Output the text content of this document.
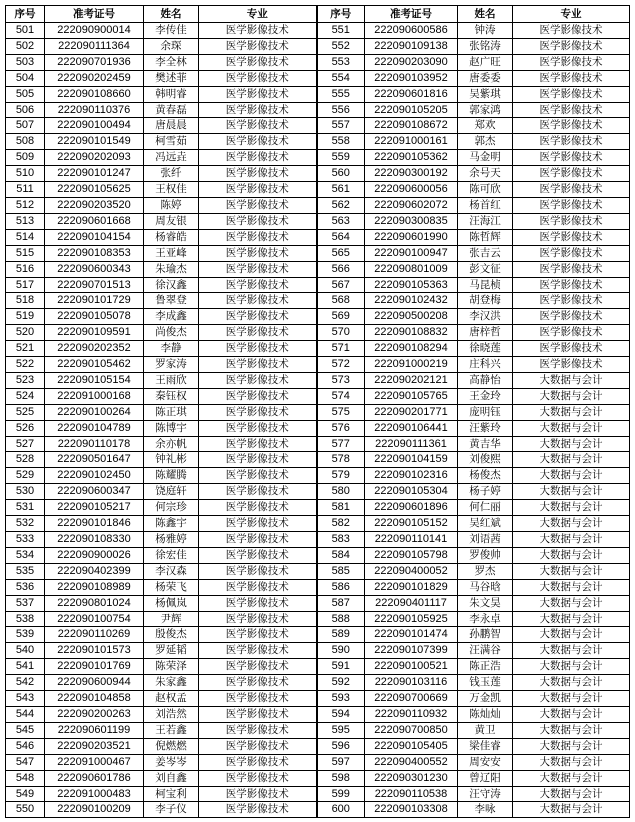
序号	准考证号	姓名	专业	序号	准考证号	姓名	专业
501	222090900014	李传佳	医学影像技术	551	222090600586	钟涛	医学影像技术
502	222090111364	余琛	医学影像技术	552	222090109138	张铭涛	医学影像技术
503	222090701936	李全林	医学影像技术	553	222090203090	赵广旺	医学影像技术
504	222090202459	樊述菲	医学影像技术	554	222090103952	唐委委	医学影像技术
505	222090108660	韩明睿	医学影像技术	555	222090601816	吴紫琪	医学影像技术
506	222090110376	黄春磊	医学影像技术	556	222090105205	郭家鸿	医学影像技术
507	222090100494	唐晨晨	医学影像技术	557	222090108672	郑欢	医学影像技术
508	222090101549	柯雪茹	医学影像技术	558	222091000161	郭杰	医学影像技术
509	222090202093	冯远垚	医学影像技术	559	222090105362	马金明	医学影像技术
510	222090101247	张纤	医学影像技术	560	222090300192	余号天	医学影像技术
511	222090105625	王权佳	医学影像技术	561	222090600056	陈可欣	医学影像技术
512	222090203520	陈婷	医学影像技术	562	222090602072	杨首红	医学影像技术
513	222090601668	周友银	医学影像技术	563	222090300835	汪海江	医学影像技术
514	222090104154	杨睿皓	医学影像技术	564	222090601990	陈哲辉	医学影像技术
515	222090108353	王亚峰	医学影像技术	565	222090100947	张吉云	医学影像技术
516	222090600343	朱瑜杰	医学影像技术	566	222090801009	彭文征	医学影像技术
517	222090701513	徐汉鑫	医学影像技术	567	222090105363	马昆桢	医学影像技术
518	222090101729	鲁翠登	医学影像技术	568	222090102432	胡登梅	医学影像技术
519	222090105078	李成鑫	医学影像技术	569	222090500208	李汉洪	医学影像技术
520	222090109591	尚俊杰	医学影像技术	570	222090108832	唐梓哲	医学影像技术
521	222090202352	李静	医学影像技术	571	222090108294	徐晓莲	医学影像技术
522	222090105462	罗家涛	医学影像技术	572	222091000219	庄科兴	医学影像技术
523	222090105154	王雨欣	医学影像技术	573	222090202121	高静怡	大数据与会计
524	222091000168	秦钰权	医学影像技术	574	222090105765	王金玲	大数据与会计
525	222090100264	陈正琪	医学影像技术	575	222090201771	庞明钰	大数据与会计
526	222090104789	陈博宇	医学影像技术	576	222090106441	汪紫玲	大数据与会计
527	222090110178	余亦帆	医学影像技术	577	222090111361	黄吉华	大数据与会计
528	222090501647	钟礼彬	医学影像技术	578	222090104159	刘俊熙	大数据与会计
529	222090102450	陈耀腾	医学影像技术	579	222090102316	杨俊杰	大数据与会计
530	222090600347	饶庭轩	医学影像技术	580	222090105304	杨子婷	大数据与会计
531	222090105217	何宗珍	医学影像技术	581	222090601896	何仁丽	大数据与会计
532	222090101846	陈鑫宇	医学影像技术	582	222090105152	吴红斌	大数据与会计
533	222090108330	杨雅婷	医学影像技术	583	222090110141	刘语茜	大数据与会计
534	222090900026	徐宏佳	医学影像技术	584	222090105798	罗俊帅	大数据与会计
535	222090402399	李汉森	医学影像技术	585	222090400052	罗杰	大数据与会计
536	222090108989	杨荣飞	医学影像技术	586	222090101829	马谷晗	大数据与会计
537	222090801024	杨佩岚	医学影像技术	587	222090401117	朱文昊	大数据与会计
538	222090100754	尹辉	医学影像技术	588	222090105925	李永卓	大数据与会计
539	222090110269	殷俊杰	医学影像技术	589	222090101474	孙鹏智	大数据与会计
540	222090101573	罗延韬	医学影像技术	590	222090107399	汪满谷	大数据与会计
541	222090101769	陈荣泽	医学影像技术	591	222090100521	陈正浩	大数据与会计
542	222090600944	朱家鑫	医学影像技术	592	222090103116	钱玉莲	大数据与会计
543	222090104858	赵权孟	医学影像技术	593	222090700669	万金凯	大数据与会计
544	222090200263	刘浩然	医学影像技术	594	222090110932	陈灿灿	大数据与会计
545	222090601199	王若鑫	医学影像技术	595	222090700850	黄卫	大数据与会计
546	222090203521	倪燃燃	医学影像技术	596	222090105405	梁佳睿	大数据与会计
547	222091000467	姜岑岑	医学影像技术	597	222090400552	周安安	大数据与会计
548	222090601786	刘自鑫	医学影像技术	598	222090301230	曾辽阳	大数据与会计
549	222091000483	柯宝利	医学影像技术	599	222090110538	汪守涛	大数据与会计
550	222090100209	李子仪	医学影像技术	600	222090103308	李咏	大数据与会计
